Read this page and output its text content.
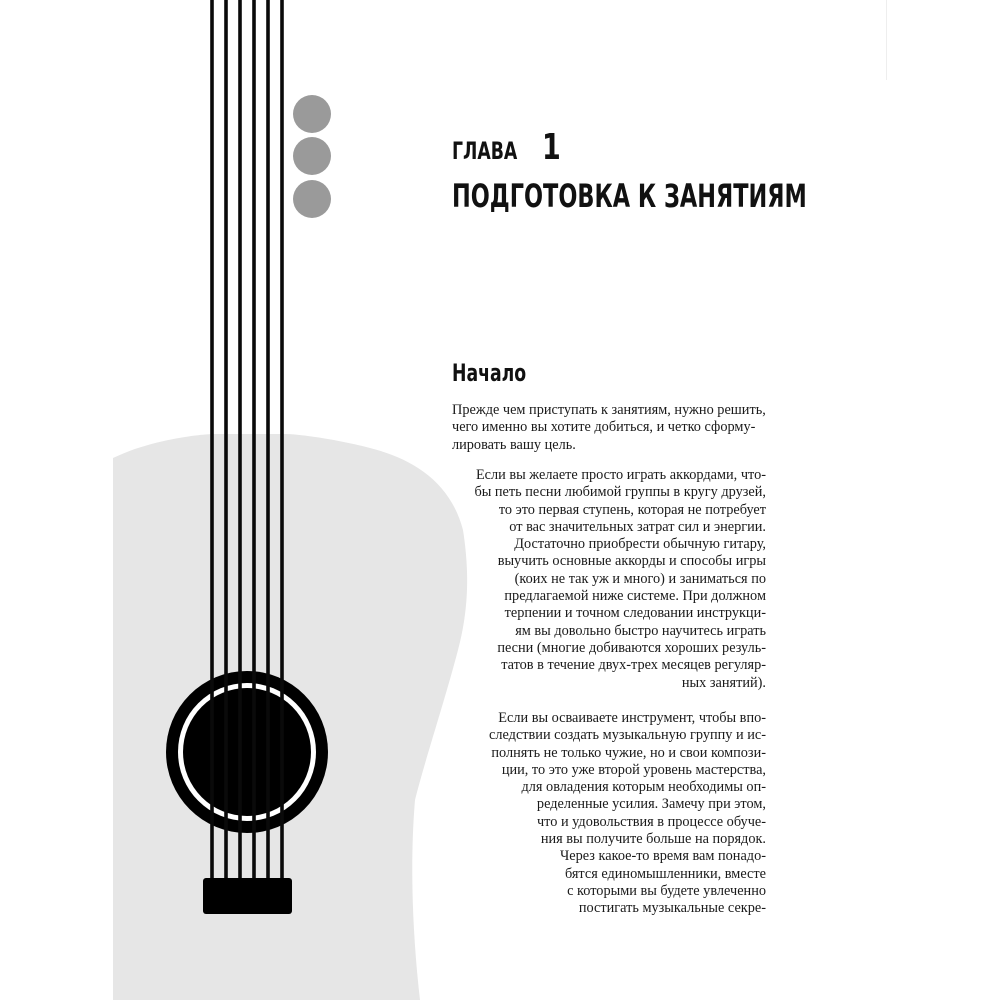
ГЛАВА 1
ПОДГОТОВКА К ЗАНЯТИЯМ
Начало

Прежде чем приступать к занятиям, нужно решить,
чего именно вы хотите добиться, и четко сформу-
лировать вашу цель.

Если вы желаете просто играть аккордами, что-
бы петь песни любимой группы в кругу друзей,
то это первая ступень, которая не потребует
от вас значительных затрат сил и энергии.
Достаточно приобрести обычную гитару,
выучить основные аккорды и способы игры
(коих не так уж и много) и заниматься по
предлагаемой ниже системе. При должном
терпении и точном следовании инструкци-
ям вы довольно быстро научитесь играть
песни (многие добиваются хороших резуль-
татов в течение двух-трех месяцев регуляр-
ных занятий).

Если вы осваиваете инструмент, чтобы впо-
следствии создать музыкальную группу и ис-
полнять не только чужие, но и свои компози-
ции, то это уже второй уровень мастерства,
для овладения которым необходимы оп-
ределенные усилия. Замечу при этом,
что и удовольствия в процессе обуче-
ния вы получите больше на порядок.
Через какое-то время вам понадо-
бятся единомышленники, вместе
с которыми вы будете увлеченно
постигать музыкальные секре-
